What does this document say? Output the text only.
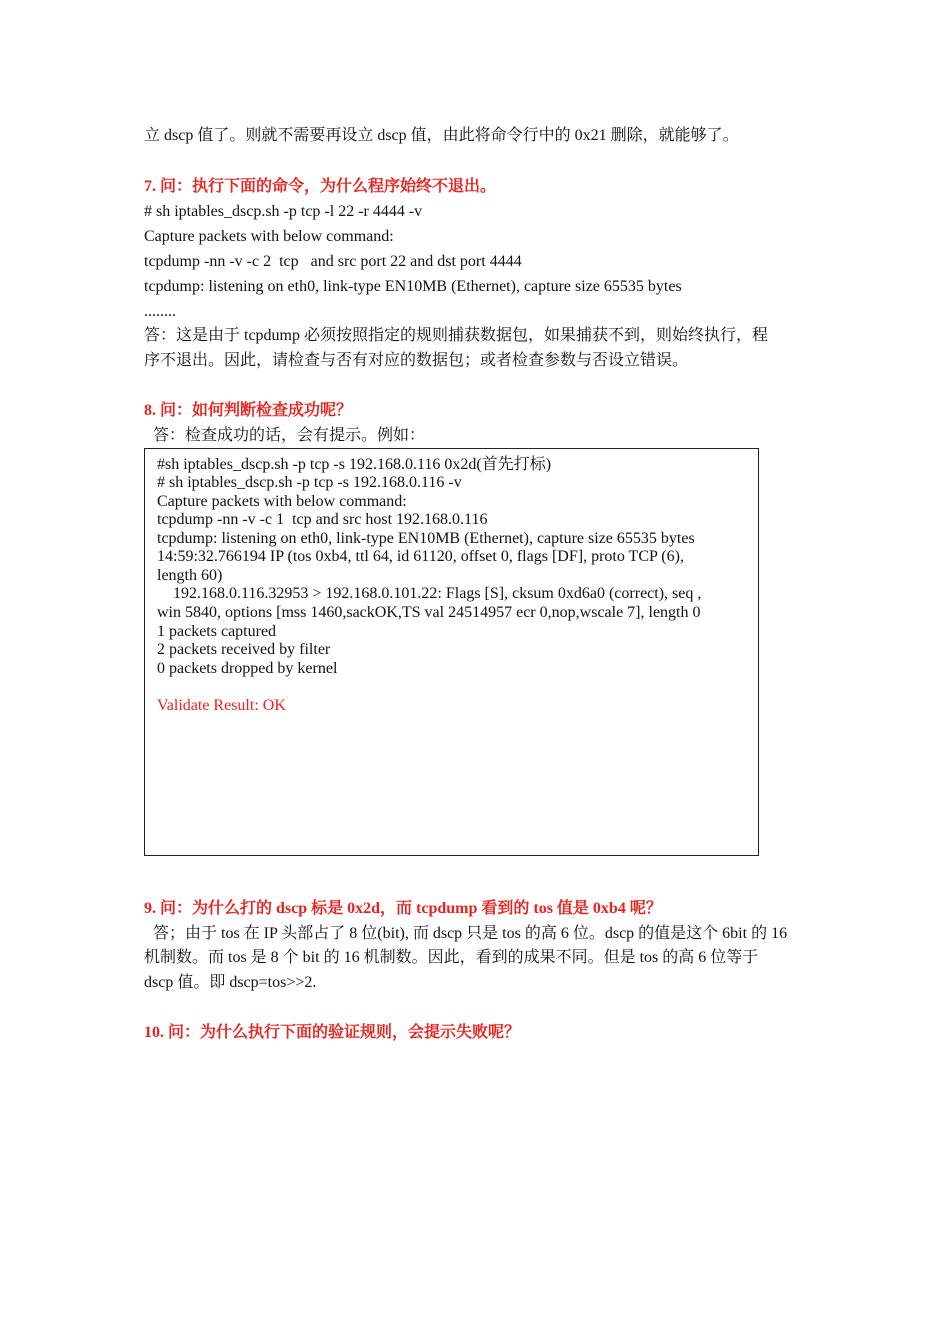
立 dscp 值了。则就不需要再设立 dscp 值，由此将命令行中的 0x21 删除，就能够了。
7. 问：执行下面的命令，为什么程序始终不退出。
# sh iptables_dscp.sh -p tcp -l 22 -r 4444 -v
Capture packets with below command:
tcpdump -nn -v -c 2  tcp   and src port 22 and dst port 4444
tcpdump: listening on eth0, link-type EN10MB (Ethernet), capture size 65535 bytes
........
答：这是由于 tcpdump 必须按照指定的规则捕获数据包，如果捕获不到，则始终执行，程
序不退出。因此，请检查与否有对应的数据包；或者检查参数与否设立错误。
8. 问：如何判断检查成功呢？
答：检查成功的话，会有提示。例如：
#sh iptables_dscp.sh -p tcp -s 192.168.0.116 0x2d(首先打标)
# sh iptables_dscp.sh -p tcp -s 192.168.0.116 -v
Capture packets with below command:
tcpdump -nn -v -c 1  tcp and src host 192.168.0.116
tcpdump: listening on eth0, link-type EN10MB (Ethernet), capture size 65535 bytes
14:59:32.766194 IP (tos 0xb4, ttl 64, id 61120, offset 0, flags [DF], proto TCP (6),
length 60)
192.168.0.116.32953 > 192.168.0.101.22: Flags [S], cksum 0xd6a0 (correct), seq ,
win 5840, options [mss 1460,sackOK,TS val 24514957 ecr 0,nop,wscale 7], length 0
1 packets captured
2 packets received by filter
0 packets dropped by kernel
Validate Result: OK
9. 问：为什么打的 dscp 标是 0x2d，而 tcpdump 看到的 tos 值是 0xb4 呢？
答；由于 tos 在 IP 头部占了 8 位(bit), 而 dscp 只是 tos 的高 6 位。dscp 的值是这个 6bit 的 16
机制数。而 tos 是 8 个 bit 的 16 机制数。因此，看到的成果不同。但是 tos 的高 6 位等于
dscp 值。即 dscp=tos>>2.
10. 问：为什么执行下面的验证规则，会提示失败呢？
